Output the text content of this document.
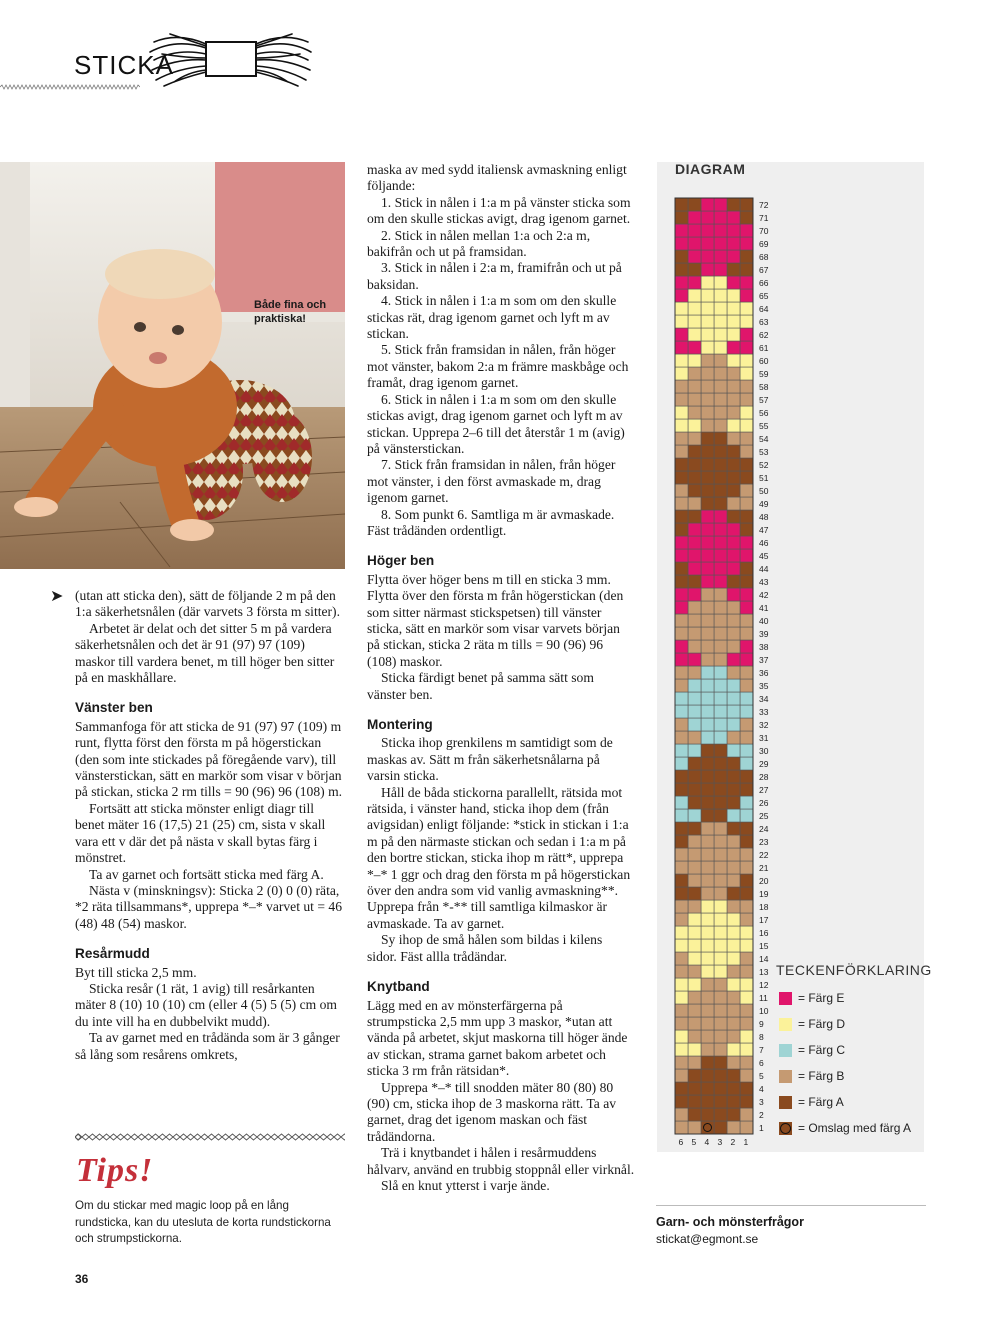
STICKA
Både fina och
praktiska!
➤ (utan att sticka den), sätt de följande 2 m på den 1:a säkerhetsnålen (där varvets 3 första m sitter).

Arbetet är delat och det sitter 5 m på vardera säkerhetsnålen och det är 91 (97) 97 (109) maskor till vardera benet, m till höger ben sitter på en maskhållare.

Vänster ben

Sammanfoga för att sticka de 91 (97) 97 (109) m runt, flytta först den första m på högerstickan (den som inte stickades på föregående varv), till vänsterstickan, sätt en markör som visar v början på stickan, sticka 2 rm tills = 90 (96) 96 (108) m.

Fortsätt att sticka mönster enligt diagr till benet mäter 16 (17,5) 21 (25) cm, sista v skall vara ett v där det på nästa v skall bytas färg i mönstret.

Ta av garnet och fortsätt sticka med färg A.

Nästa v (minskningsv): Sticka 2 (0) 0 (0) räta, *2 räta tillsammans*, upprepa *–* varvet ut = 46 (48) 48 (54) maskor.

Resårmudd

Byt till sticka 2,5 mm.

Sticka resår (1 rät, 1 avig) till resårkanten mäter 8 (10) 10 (10) cm (eller 4 (5) 5 (5) cm om du inte vill ha en dubbelvikt mudd).

Ta av garnet med en trådända som är 3 gånger så lång som resårens omkrets,

Tips!
Om du stickar med magic loop på en lång rundsticka, kan du utesluta de korta rundstickorna och strumpstickorna.
36

maska av med sydd italiensk avmaskning enligt följande:

1. Stick in nålen i 1:a m på vänster sticka som om den skulle stickas avigt, drag igenom garnet.

2. Stick in nålen mellan 1:a och 2:a m, bakifrån och ut på framsidan.

3. Stick in nålen i 2:a m, framifrån och ut på baksidan.

4. Stick in nålen i 1:a m som om den skulle stickas rät, drag igenom garnet och lyft m av stickan.

5. Stick från framsidan in nålen, från höger mot vänster, bakom 2:a m främre maskbåge och framåt, drag igenom garnet.

6. Stick in nålen i 1:a m som om den skulle stickas avigt, drag igenom garnet och lyft m av stickan. Upprepa 2–6 till det återstår 1 m (avig) på vänsterstickan.

7. Stick från framsidan in nålen, från höger mot vänster, i den först avmaskade m, drag igenom garnet.

8. Som punkt 6. Samtliga m är avmaskade. Fäst trådänden ordentligt.

Höger ben

Flytta över höger bens m till en sticka 3 mm. Flytta över den första m från högerstickan (den som sitter närmast stickspetsen) till vänster sticka, sätt en markör som visar varvets början på stickan, sticka 2 räta m tills = 90 (96) 96 (108) maskor.

Sticka färdigt benet på samma sätt som vänster ben.

Montering

Sticka ihop grenkilens m samtidigt som de maskas av. Sätt m från säkerhetsnålarna på varsin sticka.

Håll de båda stickorna parallellt, rätsida mot rätsida, i vänster hand, sticka ihop dem (från avigsidan) enligt följande: *stick in stickan i 1:a m på den närmaste stickan och sedan i 1:a m på den bortre stickan, sticka ihop m rätt*, upprepa *–* 1 ggr och drag den första m på högerstickan över den andra som vid vanlig avmaskning**. Upprepa från *-** till samtliga kilmaskor är avmaskade. Ta av garnet.

Sy ihop de små hålen som bildas i kilens sidor. Fäst allla trådändar.

Knytband

Lägg med en av mönsterfärgerna på strumpsticka 2,5 mm upp 3 maskor, *utan att vända på arbetet, skjut maskorna till höger ände av stickan, strama garnet bakom arbetet och sticka 3 rm från rätsidan*.

Upprepa *–* till snodden mäter 80 (80) 80 (90) cm, sticka ihop de 3 maskorna rätt. Ta av garnet, drag det igenom maskan och fäst trådändorna.

Trä i knytbandet i hålen i resårmuddens hålvarv, använd en trubbig stoppnål eller virknål.

Slå en knut ytterst i varje ände.

DIAGRAM
1
2
3
4
5
6
7
8
9
10
11
12
13
14
15
16
17
18
19
20
21
22
23
24
25
26
27
28
29
30
31
32
33
34
35
36
37
38
39
40
41
42
43
44
45
46
47
48
49
50
51
52
53
54
55
56
57
58
59
60
61
62
63
64
65
66
67
68
69
70
71
72
6 5 4 3 2 1
TECKENFÖRKLARING
= Färg E
= Färg D
= Färg C
= Färg B
= Färg A
= Omslag med färg A
Garn- och mönsterfrågor
stickat@egmont.se
